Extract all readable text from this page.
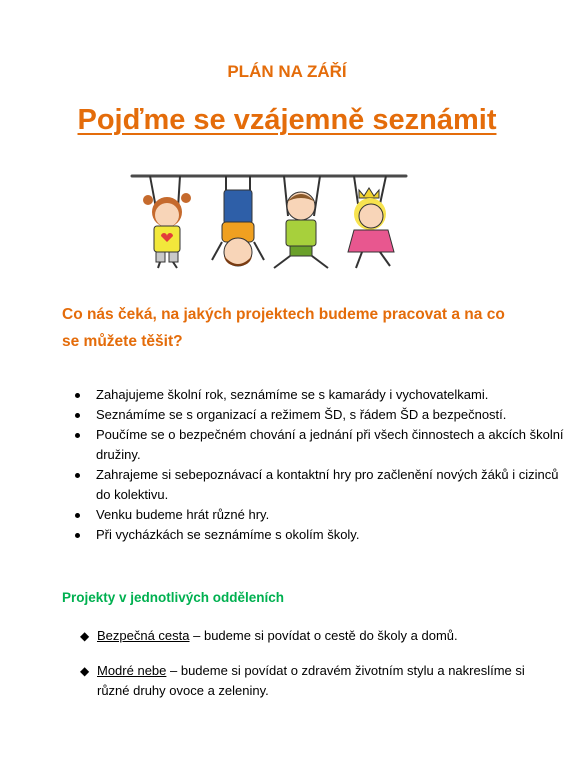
PLÁN NA ZÁŘÍ
Pojďme se vzájemně seznámit
Co nás čeká, na jakých projektech budeme pracovat a na co se můžete těšit?
Zahajujeme školní rok, seznámíme se s kamarády i vychovatelkami.
Seznámíme se s organizací a režimem ŠD, s řádem ŠD a bezpečností.
Poučíme se o bezpečném chování a jednání při všech činnostech a akcích školní družiny.
Zahrajeme si sebepoznávací a kontaktní hry pro začlenění nových žáků i cizinců do kolektivu.
Venku budeme hrát různé hry.
Při vycházkách se seznámíme s okolím školy.
Projekty v jednotlivých odděleních
◆ Bezpečná cesta – budeme si povídat o cestě do školy a domů.
◆ Modré nebe – budeme si povídat o zdravém životním stylu a nakreslíme si různé druhy ovoce a zeleniny.
